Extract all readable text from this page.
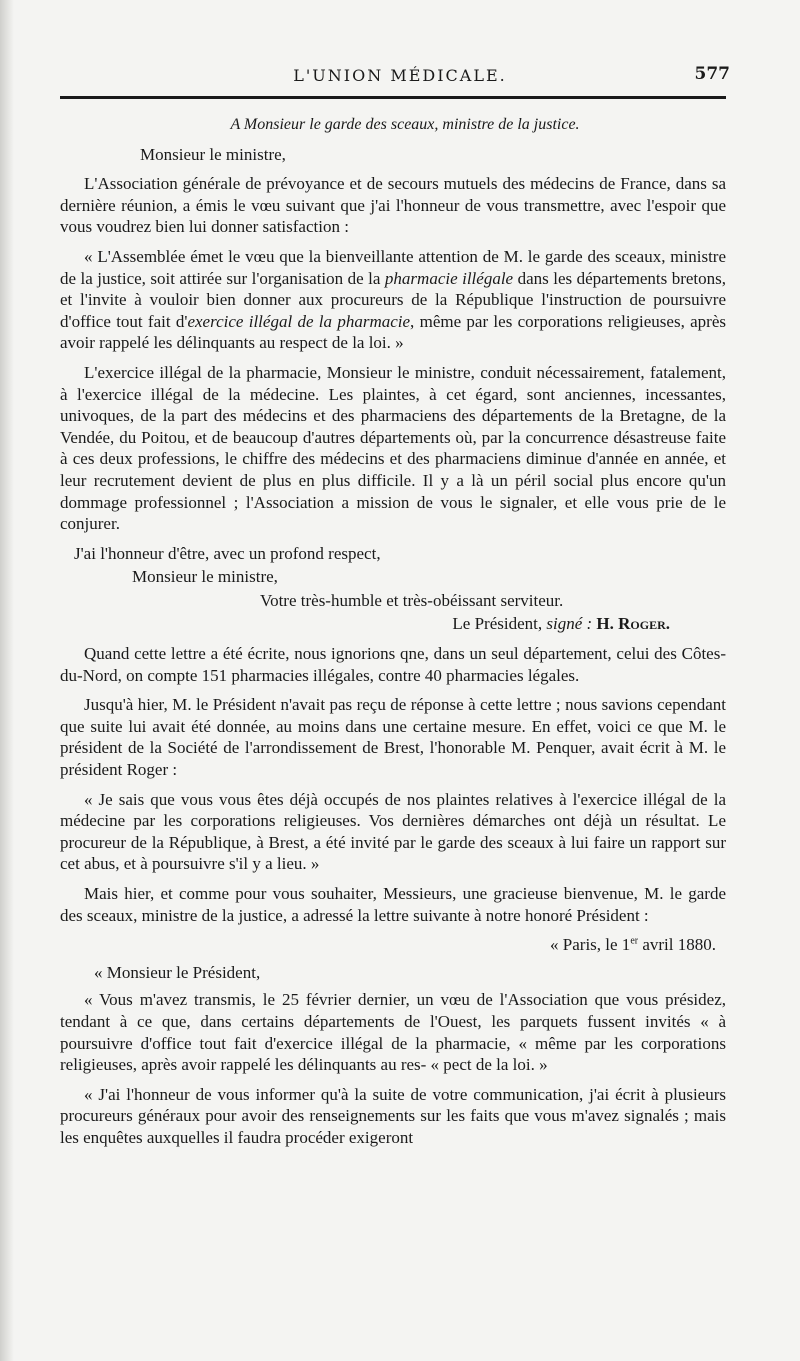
L'UNION MÉDICALE.	577

A Monsieur le garde des sceaux, ministre de la justice.

Monsieur le ministre,

L'Association générale de prévoyance et de secours mutuels des médecins de France, dans sa dernière réunion, a émis le vœu suivant que j'ai l'honneur de vous transmettre, avec l'espoir que vous voudrez bien lui donner satisfaction :

« L'Assemblée émet le vœu que la bienveillante attention de M. le garde des sceaux, ministre de la justice, soit attirée sur l'organisation de la pharmacie illégale dans les départements bretons, et l'invite à vouloir bien donner aux procureurs de la République l'instruction de poursuivre d'office tout fait d'exercice illégal de la pharmacie, même par les corporations religieuses, après avoir rappelé les délinquants au respect de la loi. »

L'exercice illégal de la pharmacie, Monsieur le ministre, conduit nécessairement, fatalement, à l'exercice illégal de la médecine. Les plaintes, à cet égard, sont anciennes, incessantes, univoques, de la part des médecins et des pharmaciens des départements de la Bretagne, de la Vendée, du Poitou, et de beaucoup d'autres départements où, par la concurrence désastreuse faite à ces deux professions, le chiffre des médecins et des pharmaciens diminue d'année en année, et leur recrutement devient de plus en plus difficile. Il y a là un péril social plus encore qu'un dommage professionnel ; l'Association a mission de vous le signaler, et elle vous prie de le conjurer.

J'ai l'honneur d'être, avec un profond respect,

Monsieur le ministre,

Votre très-humble et très-obéissant serviteur.

Le Président, signé : H. Roger.

Quand cette lettre a été écrite, nous ignorions qne, dans un seul département, celui des Côtes-du-Nord, on compte 151 pharmacies illégales, contre 40 pharmacies légales.

Jusqu'à hier, M. le Président n'avait pas reçu de réponse à cette lettre ; nous savions cependant que suite lui avait été donnée, au moins dans une certaine mesure. En effet, voici ce que M. le président de la Société de l'arrondissement de Brest, l'honorable M. Penquer, avait écrit à M. le président Roger :

« Je sais que vous vous êtes déjà occupés de nos plaintes relatives à l'exercice illégal de la médecine par les corporations religieuses. Vos dernières démarches ont déjà un résultat. Le procureur de la République, à Brest, a été invité par le garde des sceaux à lui faire un rapport sur cet abus, et à poursuivre s'il y a lieu. »

Mais hier, et comme pour vous souhaiter, Messieurs, une gracieuse bienvenue, M. le garde des sceaux, ministre de la justice, a adressé la lettre suivante à notre honoré Président :

« Paris, le 1er avril 1880.

« Monsieur le Président,

« Vous m'avez transmis, le 25 février dernier, un vœu de l'Association que vous présidez, tendant à ce que, dans certains départements de l'Ouest, les parquets fussent invités « à poursuivre d'office tout fait d'exercice illégal de la pharmacie, « même par les corporations religieuses, après avoir rappelé les délinquants au res- « pect de la loi. »

« J'ai l'honneur de vous informer qu'à la suite de votre communication, j'ai écrit à plusieurs procureurs généraux pour avoir des renseignements sur les faits que vous m'avez signalés ; mais les enquêtes auxquelles il faudra procéder exigeront
